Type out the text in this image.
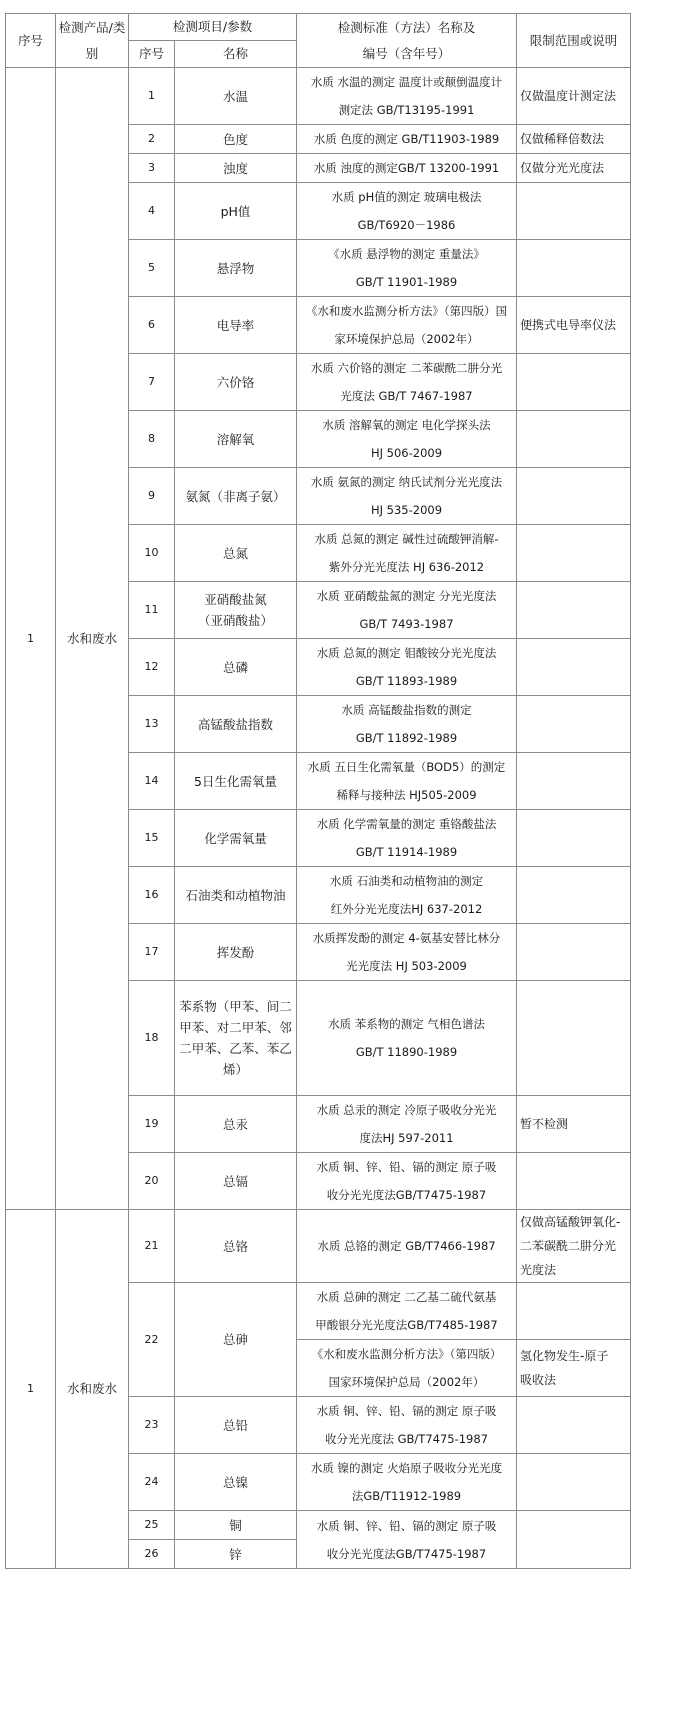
序号	检测产品/类别	检测项目/参数		检测标准（方法）名称及
编号（含年号）	限制范围或说明
		序号	名称		
1	水和废水	1	水温	水质 水温的测定 温度计或颠倒温度计
测定法 GB/T13195-1991	仅做温度计测定法

		2	色度	水质 色度的测定 GB/T11903-1989	仅做稀释倍数法

		3	浊度	水质 浊度的测定GB/T 13200-1991	仅做分光光度法

		4	pH值	水质 pH值的测定 玻璃电极法
GB/T6920－1986	

		5	悬浮物	《水质 悬浮物的测定 重量法》
GB/T 11901-1989	

		6	电导率	《水和废水监测分析方法》（第四版）国
家环境保护总局（2002年）	便携式电导率仪法

		7	六价铬	水质 六价铬的测定 二苯碳酰二肼分光
光度法 GB/T 7467-1987	

		8	溶解氧	水质 溶解氧的测定 电化学探头法
HJ 506-2009	

		9	氨氮（非离子氨）	水质 氨氮的测定 纳氏试剂分光光度法
HJ 535-2009	

		10	总氮	水质 总氮的测定 碱性过硫酸钾消解-
紫外分光光度法 HJ 636-2012	

		11	亚硝酸盐氮
（亚硝酸盐）	水质 亚硝酸盐氮的测定 分光光度法
GB/T 7493-1987	

		12	总磷	水质 总氮的测定 钼酸铵分光光度法
GB/T 11893-1989	

		13	高锰酸盐指数	水质 高锰酸盐指数的测定
GB/T 11892-1989	

		14	5日生化需氧量	水质 五日生化需氧量（BOD5）的测定
稀释与接种法 HJ505-2009	

		15	化学需氧量	水质 化学需氧量的测定 重铬酸盐法
GB/T 11914-1989	

		16	石油类和动植物油	水质 石油类和动植物油的测定
红外分光光度法HJ 637-2012	

		17	挥发酚	水质挥发酚的测定 4-氨基安替比林分
光光度法 HJ 503-2009	

		18	苯系物（甲苯、间二
甲苯、对二甲苯、邻
二甲苯、乙苯、苯乙
烯）	水质 苯系物的测定 气相色谱法
GB/T 11890-1989	

		19	总汞	水质 总汞的测定 冷原子吸收分光光
度法HJ 597-2011	暂不检测

		20	总镉	水质 铜、锌、铅、镉的测定 原子吸
收分光光度法GB/T7475-1987	

1	水和废水	21	总铬	水质 总铬的测定 GB/T7466-1987	仅做高锰酸钾氧化-
二苯碳酰二肼分光
光度法

		22	总砷	水质 总砷的测定 二乙基二硫代氨基
甲酸银分光光度法GB/T7485-1987	

				《水和废水监测分析方法》（第四版）
国家环境保护总局（2002年）	氢化物发生-原子
吸收法

		23	总铅	水质 铜、锌、铅、镉的测定 原子吸
收分光光度法 GB/T7475-1987	

		24	总镍	水质 镍的测定 火焰原子吸收分光光度
法GB/T11912-1989	

		25	铜	水质 铜、锌、铅、镉的测定 原子吸
收分光光度法GB/T7475-1987	

		26	锌		
